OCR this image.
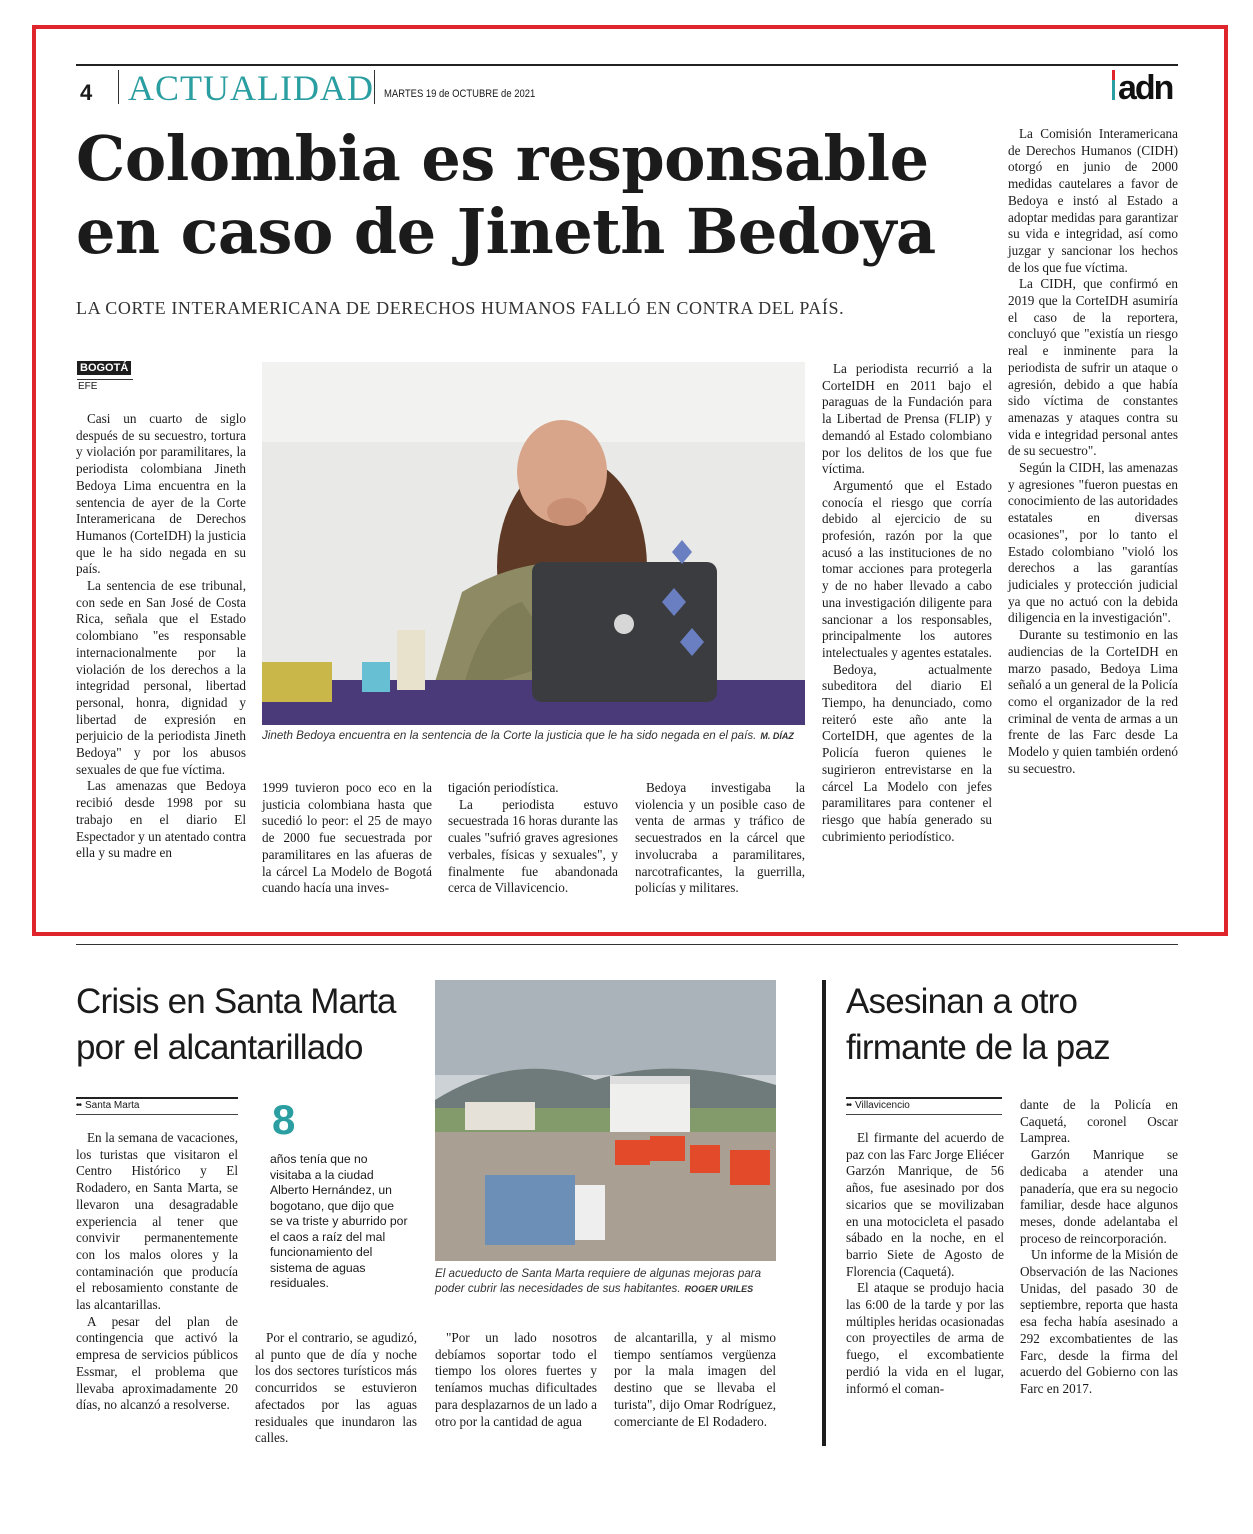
4 ACTUALIDAD MARTES 19 de OCTUBRE de 2021	adn
Colombia es responsable
en caso de Jineth Bedoya
LA CORTE INTERAMERICANA DE DERECHOS HUMANOS FALLÓ EN CONTRA DEL PAÍS.
BOGOTÁ
EFE

Casi un cuarto de siglo después de su secuestro, tortura y violación por paramilitares, la periodista colombiana Jineth Bedoya Lima encuentra en la sentencia de ayer de la Corte Interamericana de Derechos Humanos (CorteIDH) la justicia que le ha sido negada en su país.

La sentencia de ese tribunal, con sede en San José de Costa Rica, señala que el Estado colombiano "es responsable internacionalmente por la violación de los derechos a la integridad personal, libertad personal, honra, dignidad y libertad de expresión en perjuicio de la periodista Jineth Bedoya" y por los abusos sexuales de que fue víctima.

Las amenazas que Bedoya recibió desde 1998 por su trabajo en el diario El Espectador y un atentado contra ella y su madre en

Jineth Bedoya encuentra en la sentencia de la Corte la justicia que le ha sido negada en el país. M. DÍAZ
1999 tuvieron poco eco en la justicia colombiana hasta que sucedió lo peor: el 25 de mayo de 2000 fue secuestrada por paramilitares en las afueras de la cárcel La Modelo de Bogotá cuando hacía una inves-
tigación periodística.

La periodista estuvo secuestrada 16 horas durante las cuales "sufrió graves agresiones verbales, físicas y sexuales", y finalmente fue abandonada cerca de Villavicencio.

Bedoya investigaba la violencia y un posible caso de venta de armas y tráfico de secuestrados en la cárcel que involucraba a paramilitares, narcotraficantes, la guerrilla, policías y militares.

La periodista recurrió a la CorteIDH en 2011 bajo el paraguas de la Fundación para la Libertad de Prensa (FLIP) y demandó al Estado colombiano por los delitos de los que fue víctima.

Argumentó que el Estado conocía el riesgo que corría debido al ejercicio de su profesión, razón por la que acusó a las instituciones de no tomar acciones para protegerla y de no haber llevado a cabo una investigación diligente para sancionar a los responsables, principalmente los autores intelectuales y agentes estatales.

Bedoya, actualmente subeditora del diario El Tiempo, ha denunciado, como reiteró este año ante la CorteIDH, que agentes de la Policía fueron quienes le sugirieron entrevistarse en la cárcel La Modelo con jefes paramilitares para contener el riesgo que había generado su cubrimiento periodístico.

La Comisión Interamericana de Derechos Humanos (CIDH) otorgó en junio de 2000 medidas cautelares a favor de Bedoya e instó al Estado a adoptar medidas para garantizar su vida e integridad, así como juzgar y sancionar los hechos de los que fue víctima.

La CIDH, que confirmó en 2019 que la CorteIDH asumiría el caso de la reportera, concluyó que "existía un riesgo real e inminente para la periodista de sufrir un ataque o agresión, debido a que había sido víctima de constantes amenazas y ataques contra su vida e integridad personal antes de su secuestro".

Según la CIDH, las amenazas y agresiones "fueron puestas en conocimiento de las autoridades estatales en diversas ocasiones", por lo tanto el Estado colombiano "violó los derechos a las garantías judiciales y protección judicial ya que no actuó con la debida diligencia en la investigación".

Durante su testimonio en las audiencias de la CorteIDH en marzo pasado, Bedoya Lima señaló a un general de la Policía como el organizador de la red criminal de venta de armas a un frente de las Farc desde La Modelo y quien también ordenó su secuestro.

Crisis en Santa Marta
por el alcantarillado
•• Santa Marta

En la semana de vacaciones, los turistas que visitaron el Centro Histórico y El Rodadero, en Santa Marta, se llevaron una desagradable experiencia al tener que convivir permanentemente con los malos olores y la contaminación que producía el rebosamiento constante de las alcantarillas.

A pesar del plan de contingencia que activó la empresa de servicios públicos Essmar, el problema que llevaba aproximadamente 20 días, no alcanzó a resolverse.

8
años tenía que no visitaba a la ciudad Alberto Hernández, un bogotano, que dijo que se va triste y aburrido por el caos a raíz del mal funcionamiento del sistema de aguas residuales.

Por el contrario, se agudizó, al punto que de día y noche los dos sectores turísticos más concurridos se estuvieron afectados por las aguas residuales que inundaron las calles.

El acueducto de Santa Marta requiere de algunas mejoras para
poder cubrir las necesidades de sus habitantes. ROGER URILES

"Por un lado nosotros debíamos soportar todo el tiempo los olores fuertes y teníamos muchas dificultades para desplazarnos de un lado a otro por la cantidad de agua

de alcantarilla, y al mismo tiempo sentíamos vergüenza por la mala imagen del destino que se llevaba el turista", dijo Omar Rodríguez, comerciante de El Rodadero.
Asesinan a otro
firmante de la paz
•• Villavicencio

El firmante del acuerdo de paz con las Farc Jorge Eliécer Garzón Manrique, de 56 años, fue asesinado por dos sicarios que se movilizaban en una motocicleta el pasado sábado en la noche, en el barrio Siete de Agosto de Florencia (Caquetá).

El ataque se produjo hacia las 6:00 de la tarde y por las múltiples heridas ocasionadas con proyectiles de arma de fuego, el excombatiente perdió la vida en el lugar, informó el coman-

dante de la Policía en Caquetá, coronel Oscar Lamprea.

Garzón Manrique se dedicaba a atender una panadería, que era su negocio familiar, desde hace algunos meses, donde adelantaba el proceso de reincorporación.

Un informe de la Misión de Observación de las Naciones Unidas, del pasado 30 de septiembre, reporta que hasta esa fecha había asesinado a 292 excombatientes de las Farc, desde la firma del acuerdo del Gobierno con las Farc en 2017.
